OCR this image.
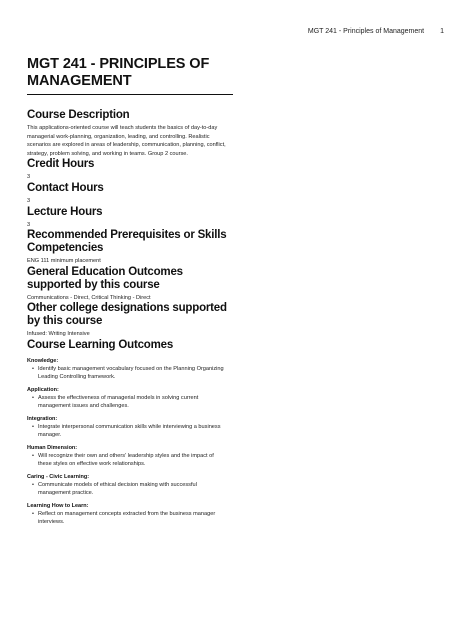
MGT 241 - Principles of Management 1
MGT 241 - PRINCIPLES OF
MANAGEMENT
Course Description

This applications-oriented course will teach students the basics of day-to-day managerial work-planning, organization, leading, and controlling. Realistic scenarios are explored in areas of leadership, communication, planning, conflict, strategy, problem solving, and working in teams. Group 2 course.

Credit Hours

3

Contact Hours

3

Lecture Hours

3

Recommended Prerequisites or Skills Competencies

ENG 111 minimum placement

General Education Outcomes supported by this course

Communications - Direct, Critical Thinking - Direct

Other college designations supported by this course

Infused: Writing Intensive

Course Learning Outcomes

Knowledge:

• Identify basic management vocabulary focused on the Planning Organizing Leading Controlling framework.

Application:

• Assess the effectiveness of managerial models in solving current management issues and challenges.

Integration:

• Integrate interpersonal communication skills while interviewing a business manager.

Human Dimension:

• Will recognize their own and others' leadership styles and the impact of these styles on effective work relationships.

Caring - Civic Learning:

• Communicate models of ethical decision making with successful management practice.

Learning How to Learn:

• Reflect on management concepts extracted from the business manager interviews.
